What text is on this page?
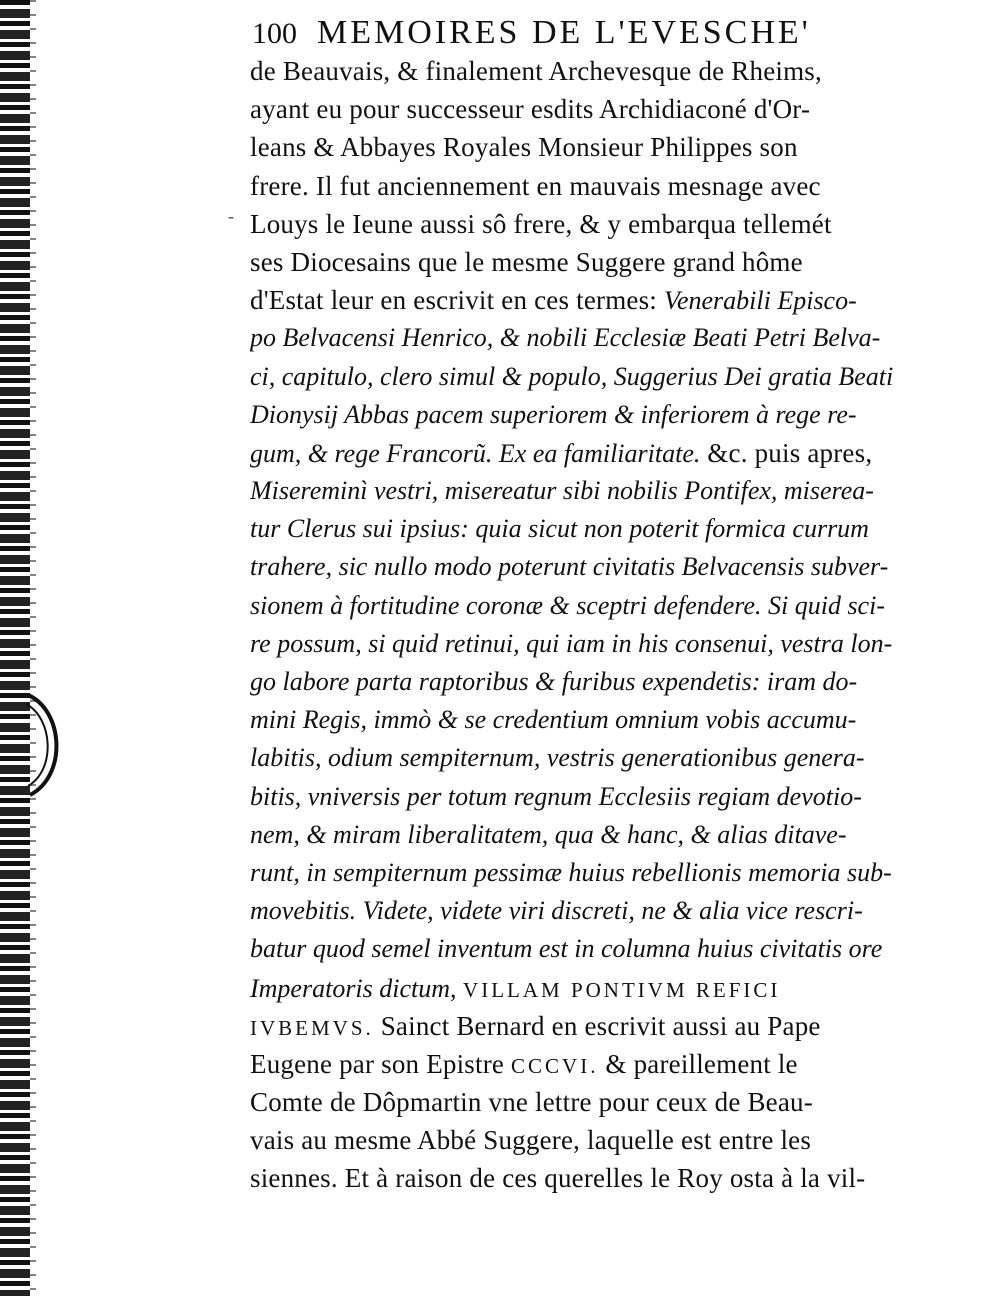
100 MEMOIRES DE L'EVESCHE'
-
de Beauvais, & finalement Archevesque de Rheims,
ayant eu pour successeur esdits Archidiaconé d'Or-
leans & Abbayes Royales Monsieur Philippes son
frere. Il fut anciennement en mauvais mesnage avec
Louys le Ieune aussi sô frere, & y embarqua tellemét
ses Diocesains que le mesme Suggere grand hôme
d'Estat leur en escrivit en ces termes: Venerabili Episco-
po Belvacensi Henrico, & nobili Ecclesiæ Beati Petri Belva-
ci, capitulo, clero simul & populo, Suggerius Dei gratia Beati
Dionysij Abbas pacem superiorem & inferiorem à rege re-
gum, & rege Francorũ. Ex ea familiaritate. &c. puis apres,
Misereminì vestri, misereatur sibi nobilis Pontifex, miserea-
tur Clerus sui ipsius: quia sicut non poterit formica currum
trahere, sic nullo modo poterunt civitatis Belvacensis subver-
sionem à fortitudine coronæ & sceptri defendere. Si quid sci-
re possum, si quid retinui, qui iam in his consenui, vestra lon-
go labore parta raptoribus & furibus expendetis: iram do-
mini Regis, immò & se credentium omnium vobis accumu-
labitis, odium sempiternum, vestris generationibus genera-
bitis, vniversis per totum regnum Ecclesiis regiam devotio-
nem, & miram liberalitatem, qua & hanc, & alias ditave-
runt, in sempiternum pessimæ huius rebellionis memoria sub-
movebitis. Videte, videte viri discreti, ne & alia vice rescri-
batur quod semel inventum est in columna huius civitatis ore
Imperatoris dictum, VILLAM PONTIVM REFICI
IVBEMVS. Sainct Bernard en escrivit aussi au Pape
Eugene par son Epistre CCCVI. & pareillement le
Comte de Dôpmartin vne lettre pour ceux de Beau-
vais au mesme Abbé Suggere, laquelle est entre les
siennes. Et à raison de ces querelles le Roy osta à la vil-
